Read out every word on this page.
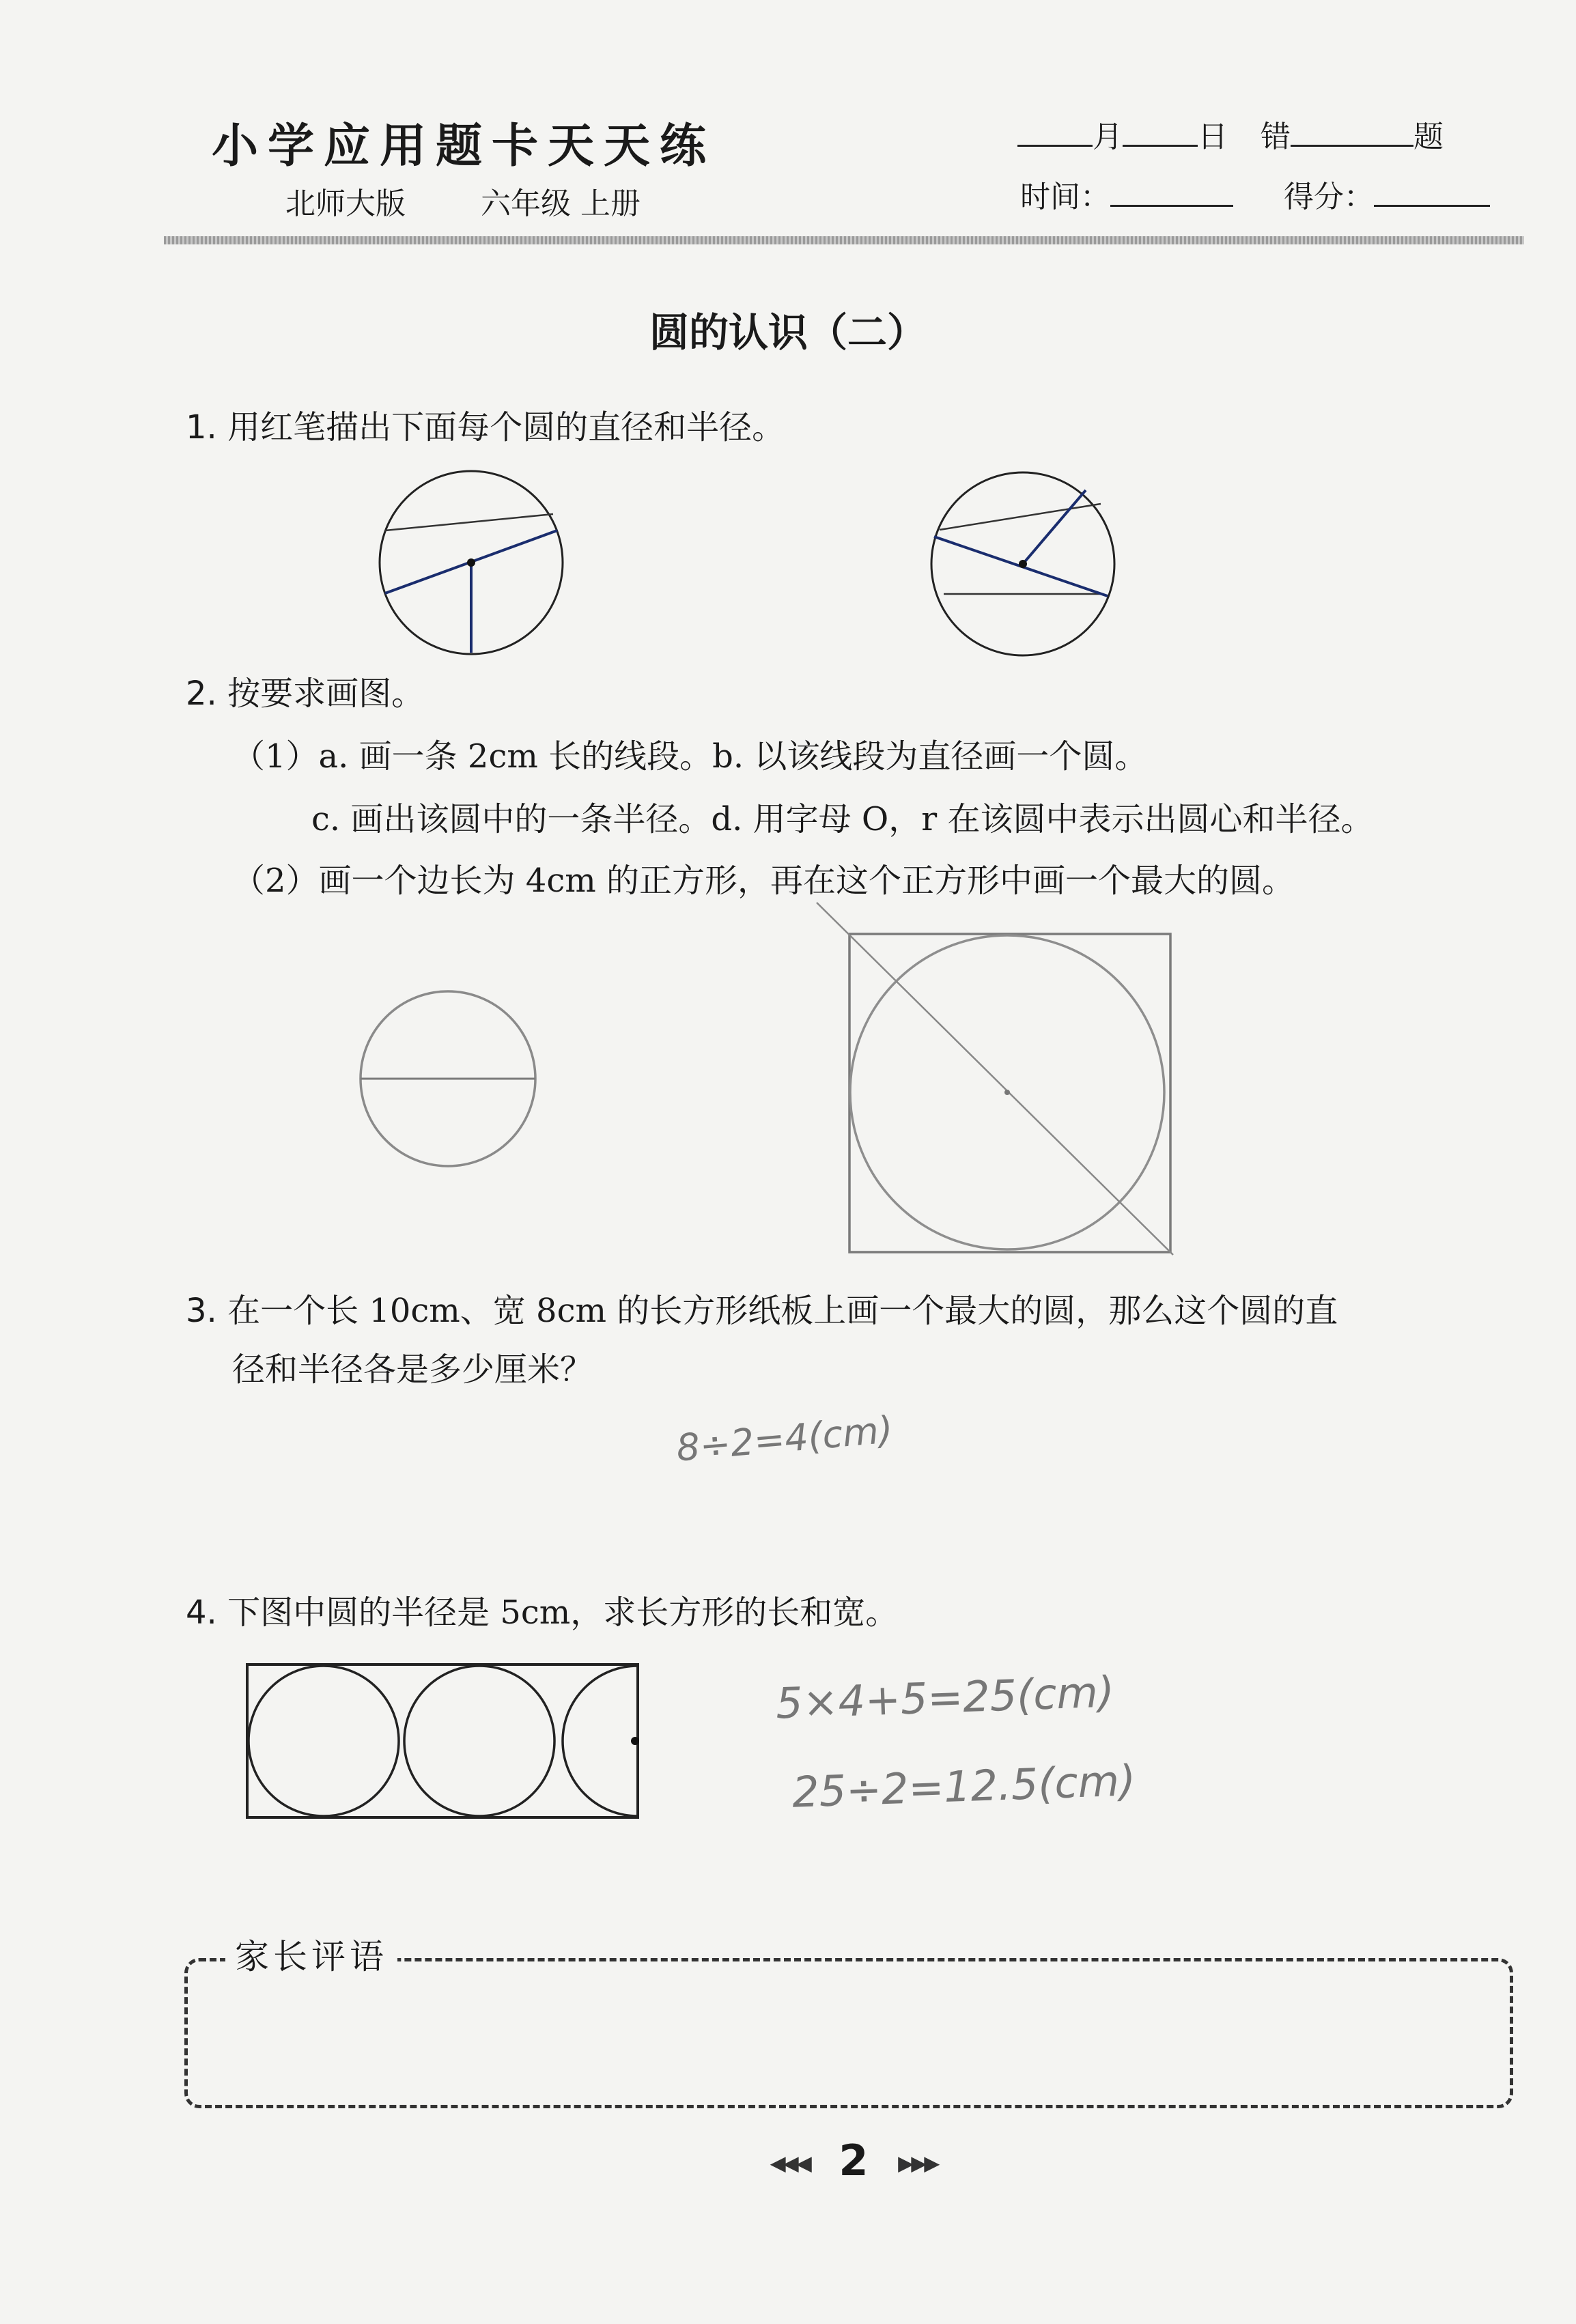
小学应用题卡天天练
北师大版	六年级 上册
月	日 错	题
时间：	得分：
圆的认识（二）
1. 用红笔描出下面每个圆的直径和半径。
2. 按要求画图。
（1）a. 画一条 2cm 长的线段。b. 以该线段为直径画一个圆。
c. 画出该圆中的一条半径。d. 用字母 O，r 在该圆中表示出圆心和半径。
（2）画一个边长为 4cm 的正方形，再在这个正方形中画一个最大的圆。
3. 在一个长 10cm、宽 8cm 的长方形纸板上画一个最大的圆，那么这个圆的直
径和半径各是多少厘米？
8÷2=4(cm)
4. 下图中圆的半径是 5cm，求长方形的长和宽。
5×4+5=25(cm)
25÷2=12.5(cm)
家长评语
◀◀◀ 2 ▶▶▶
